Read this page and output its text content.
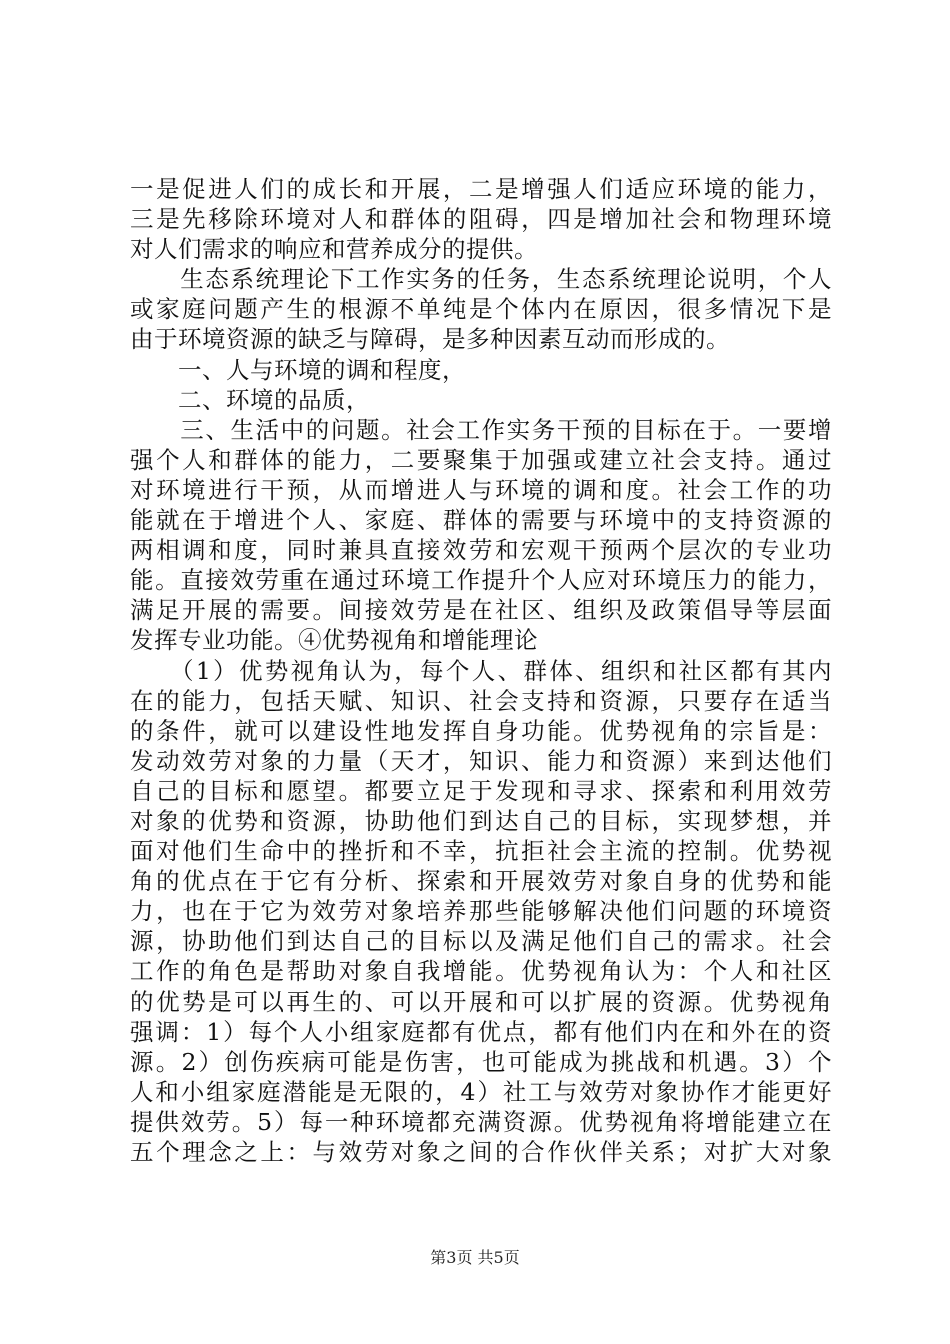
一是促进人们的成长和开展，二是增强人们适应环境的能力，
三是先移除环境对人和群体的阻碍，四是增加社会和物理环境
对人们需求的响应和营养成分的提供。
　　生态系统理论下工作实务的任务，生态系统理论说明，个人
或家庭问题产生的根源不单纯是个体内在原因，很多情况下是
由于环境资源的缺乏与障碍，是多种因素互动而形成的。
　　一、人与环境的调和程度，
　　二、环境的品质，
　　三、生活中的问题。社会工作实务干预的目标在于。一要增
强个人和群体的能力，二要聚集于加强或建立社会支持。通过
对环境进行干预，从而增进人与环境的调和度。社会工作的功
能就在于增进个人、家庭、群体的需要与环境中的支持资源的
两相调和度，同时兼具直接效劳和宏观干预两个层次的专业功
能。直接效劳重在通过环境工作提升个人应对环境压力的能力，
满足开展的需要。间接效劳是在社区、组织及政策倡导等层面
发挥专业功能。④优势视角和增能理论
　　（1）优势视角认为，每个人、群体、组织和社区都有其内
在的能力，包括天赋、知识、社会支持和资源，只要存在适当
的条件，就可以建设性地发挥自身功能。优势视角的宗旨是：
发动效劳对象的力量（天才，知识、能力和资源）来到达他们
自己的目标和愿望。都要立足于发现和寻求、探索和利用效劳
对象的优势和资源，协助他们到达自己的目标，实现梦想，并
面对他们生命中的挫折和不幸，抗拒社会主流的控制。优势视
角的优点在于它有分析、探索和开展效劳对象自身的优势和能
力，也在于它为效劳对象培养那些能够解决他们问题的环境资
源，协助他们到达自己的目标以及满足他们自己的需求。社会
工作的角色是帮助对象自我增能。优势视角认为：个人和社区
的优势是可以再生的、可以开展和可以扩展的资源。优势视角
强调：1）每个人小组家庭都有优点，都有他们内在和外在的资
源。2）创伤疾病可能是伤害，也可能成为挑战和机遇。3）个
人和小组家庭潜能是无限的，4）社工与效劳对象协作才能更好
提供效劳。5）每一种环境都充满资源。优势视角将增能建立在
五个理念之上：与效劳对象之间的合作伙伴关系；对扩大对象
第3页 共5页
